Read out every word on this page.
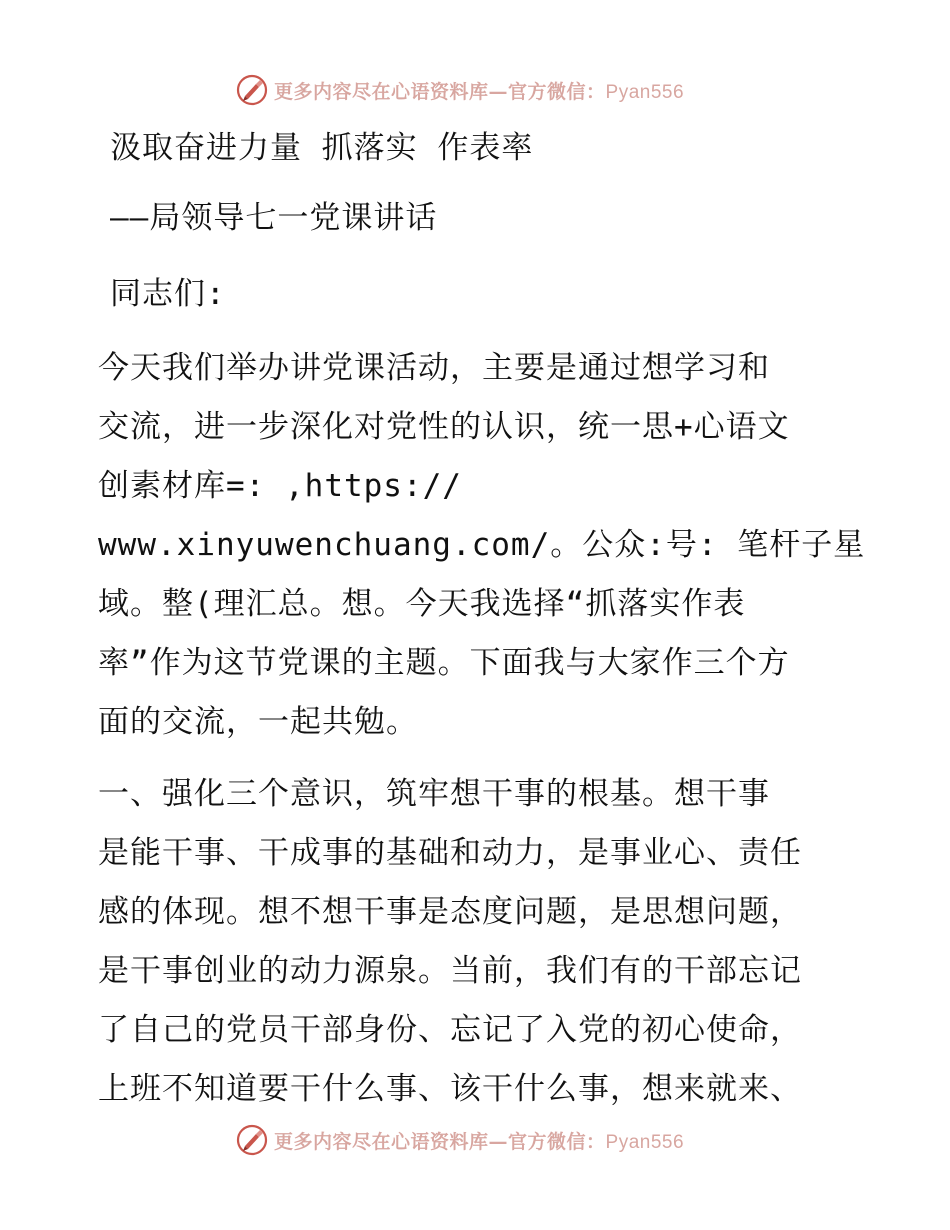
更多内容尽在心语资料库—官方微信：Pyan556
汲取奋进力量 抓落实 作表率
——局领导七一党课讲话
同志们:
今天我们举办讲党课活动，主要是通过想学习和
交流，进一步深化对党性的认识，统一思+心语文
创素材库=: ,https://
www.xinyuwenchuang.com/。公众:号: 笔杆子星
域。整(理汇总。想。今天我选择“抓落实作表
率”作为这节党课的主题。下面我与大家作三个方
面的交流，一起共勉。
一、强化三个意识，筑牢想干事的根基。想干事
是能干事、干成事的基础和动力，是事业心、责任
感的体现。想不想干事是态度问题，是思想问题，
是干事创业的动力源泉。当前，我们有的干部忘记
了自己的党员干部身份、忘记了入党的初心使命，
上班不知道要干什么事、该干什么事，想来就来、
更多内容尽在心语资料库—官方微信：Pyan556
